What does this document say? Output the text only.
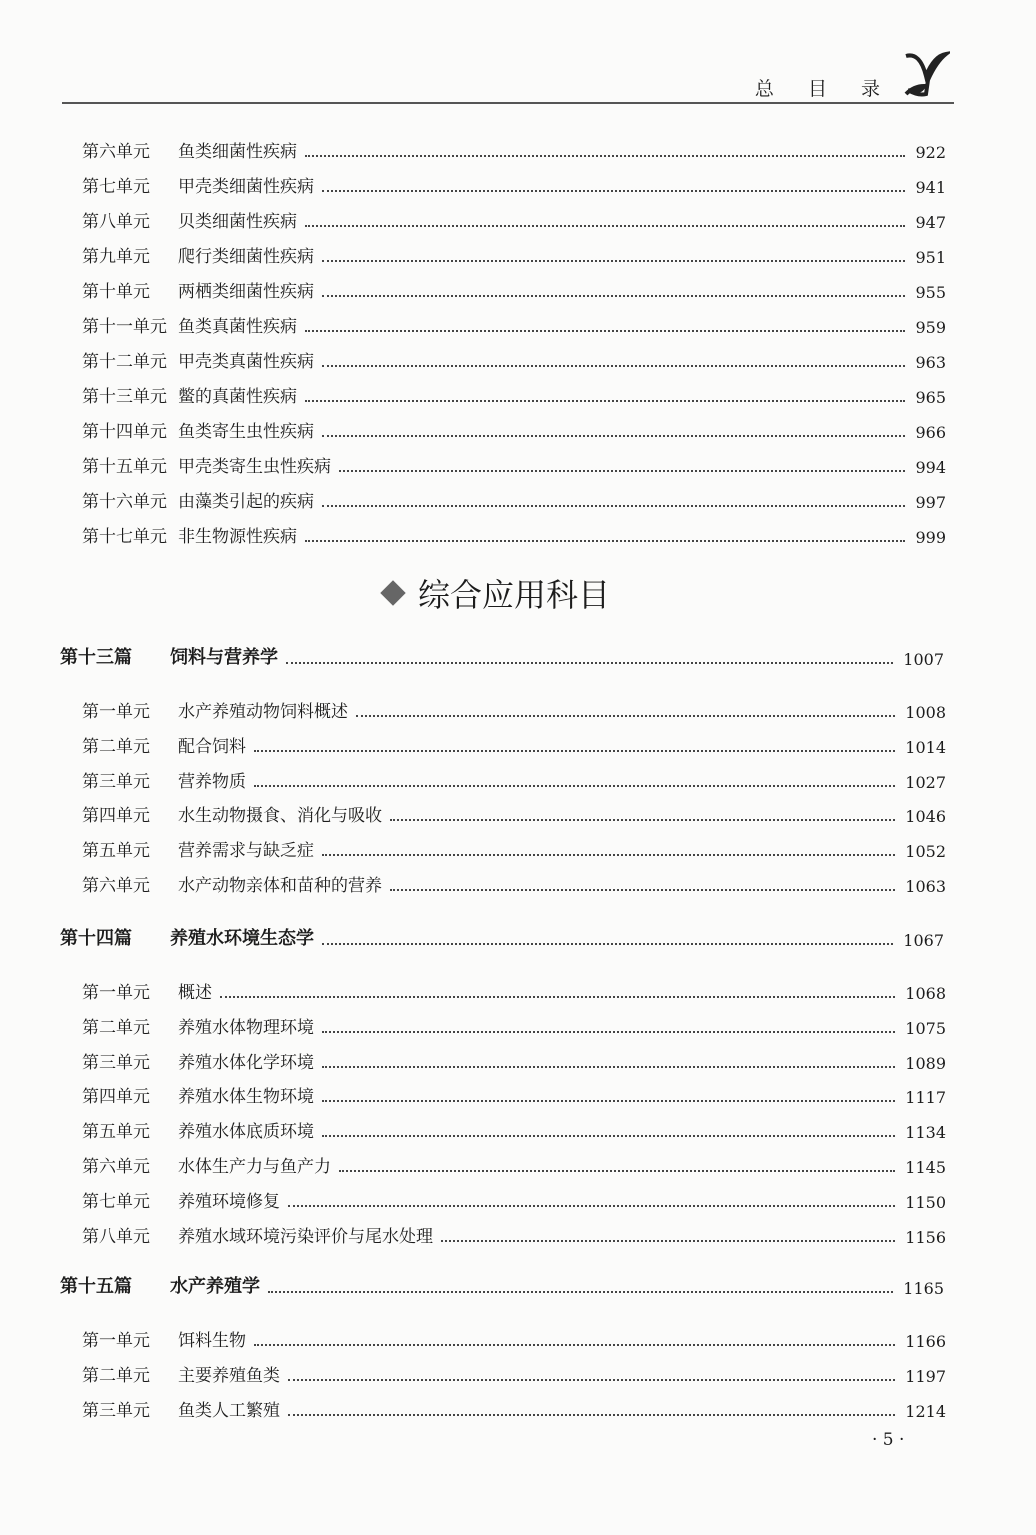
总 目 录
第六单元	鱼类细菌性疾病	922
第七单元	甲壳类细菌性疾病	941
第八单元	贝类细菌性疾病	947
第九单元	爬行类细菌性疾病	951
第十单元	两栖类细菌性疾病	955
第十一单元 鱼类真菌性疾病	959
第十二单元 甲壳类真菌性疾病	963
第十三单元 鳖的真菌性疾病	965
第十四单元 鱼类寄生虫性疾病	966
第十五单元 甲壳类寄生虫性疾病	994
第十六单元 由藻类引起的疾病	997
第十七单元 非生物源性疾病	999
第十三篇	饲料与营养学	1007
第一单元	水产养殖动物饲料概述	1008
第二单元	配合饲料	1014
第三单元	营养物质	1027
第四单元	水生动物摄食、消化与吸收	1046
第五单元	营养需求与缺乏症	1052
第六单元	水产动物亲体和苗种的营养	1063
第十四篇	养殖水环境生态学	1067
第一单元	概述	1068
第二单元	养殖水体物理环境	1075
第三单元	养殖水体化学环境	1089
第四单元	养殖水体生物环境	1117
第五单元	养殖水体底质环境	1134
第六单元	水体生产力与鱼产力	1145
第七单元	养殖环境修复	1150
第八单元	养殖水域环境污染评价与尾水处理	1156
第十五篇	水产养殖学	1165
第一单元	饵料生物	1166
第二单元	主要养殖鱼类	1197
第三单元	鱼类人工繁殖	1214
综合应用科目
· 5 ·
